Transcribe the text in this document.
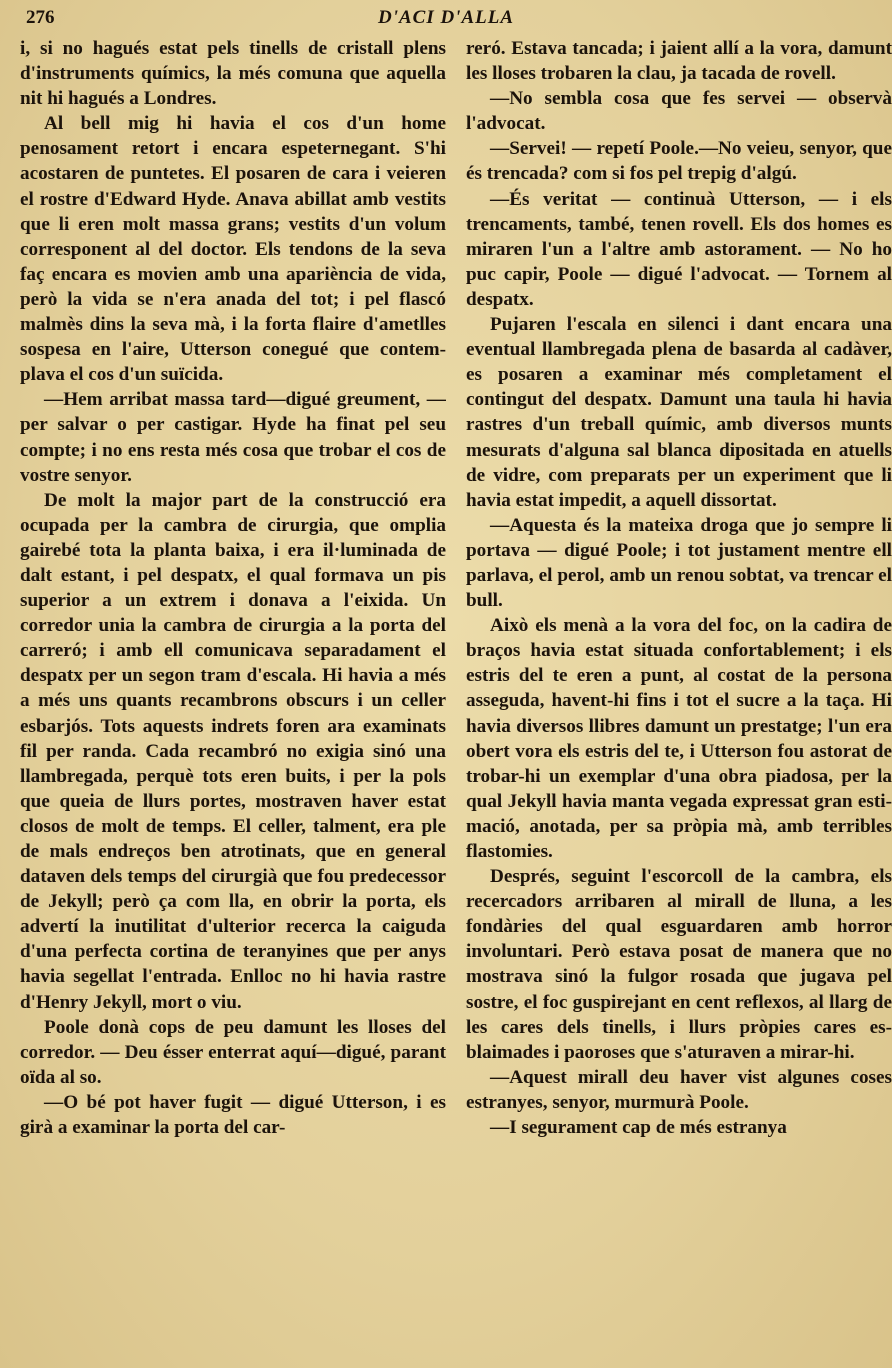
276	D'ACI D'ALLA

i, si no hagués estat pels tinells de cristall plens d'instruments químics, la més comuna que aquella nit hi hagués a Londres.

Al bell mig hi havia el cos d'un home penosament retort i encara espeternegant. S'hi acostaren de puntetes. El posaren de cara i veieren el rostre d'Edward Hyde. Anava abillat amb vestits que li eren molt massa grans; vestits d'un volum corresponent al del doctor. Els tendons de la seva faç encara es movien amb una apariència de vida, però la vida se n'era anada del tot; i pel flascó malmès dins la seva mà, i la forta flaire d'ametlles sospesa en l'aire, Utterson conegué que contemplava el cos d'un suïcida.

—Hem arribat massa tard—digué greument, — per salvar o per castigar. Hyde ha finat pel seu compte; i no ens resta més cosa que trobar el cos de vostre senyor.

De molt la major part de la construcció era ocupada per la cambra de cirurgia, que omplia gairebé tota la planta baixa, i era il·luminada de dalt estant, i pel despatx, el qual formava un pis superior a un extrem i donava a l'eixida. Un corredor unia la cambra de cirurgia a la porta del carreró; i amb ell comunicava separadament el despatx per un segon tram d'escala. Hi havia a més a més uns quants recambrons obscurs i un celler esbarjós. Tots aquests indrets foren ara examinats fil per randa. Cada recambró no exigia sinó una llambregada, perquè tots eren buits, i per la pols que queia de llurs portes, mostraven haver estat closos de molt de temps. El celler, talment, era ple de mals endreços ben atrotinats, que en general dataven dels temps del cirurgià que fou predecessor de Jekyll; però ça com lla, en obrir la porta, els advertí la inutilitat d'ulterior recerca la caiguda d'una perfecta cortina de teranyines que per anys havia segellat l'entrada. Enlloc no hi havia rastre d'Henry Jekyll, mort o viu.

Poole donà cops de peu damunt les lloses del corredor. — Deu ésser enterrat aquí—digué, parant oïda al so.

—O bé pot haver fugit — digué Utterson, i es girà a examinar la porta del car-

reró. Estava tancada; i jaient allí a la vora, damunt les lloses trobaren la clau, ja tacada de rovell.

—No sembla cosa que fes servei — observà l'advocat.

—Servei! — repetí Poole.—No veieu, senyor, que és trencada? com si fos pel trepig d'algú.

—És veritat — continuà Utterson, — i els trencaments, també, tenen rovell. Els dos homes es miraren l'un a l'altre amb astorament. — No ho puc capir, Poole — digué l'advocat. — Tornem al despatx.

Pujaren l'escala en silenci i dant encara una eventual llambregada plena de basarda al cadàver, es posaren a examinar més completament el contingut del despatx. Damunt una taula hi havia rastres d'un treball químic, amb diversos munts mesurats d'alguna sal blanca dipositada en atuells de vidre, com preparats per un experiment que li havia estat impedit, a aquell dissortat.

—Aquesta és la mateixa droga que jo sempre li portava — digué Poole; i tot justament mentre ell parlava, el perol, amb un renou sobtat, va trencar el bull.

Això els menà a la vora del foc, on la cadira de braços havia estat situada confortablement; i els estris del te eren a punt, al costat de la persona asseguda, havent-hi fins i tot el sucre a la taça. Hi havia diversos llibres damunt un prestatge; l'un era obert vora els estris del te, i Utterson fou astorat de trobar-hi un exemplar d'una obra piadosa, per la qual Jekyll havia manta vegada expressat gran estimació, anotada, per sa pròpia mà, amb terribles flastomies.

Després, seguint l'escorcoll de la cambra, els recercadors arribaren al mirall de lluna, a les fondàries del qual esguardaren amb horror involuntari. Però estava posat de manera que no mostrava sinó la fulgor rosada que jugava pel sostre, el foc guspirejant en cent reflexos, al llarg de les cares dels tinells, i llurs pròpies cares esblaimades i paoroses que s'aturaven a mirar-hi.

—Aquest mirall deu haver vist algunes coses estranyes, senyor, murmurà Poole.

—I segurament cap de més estranya
